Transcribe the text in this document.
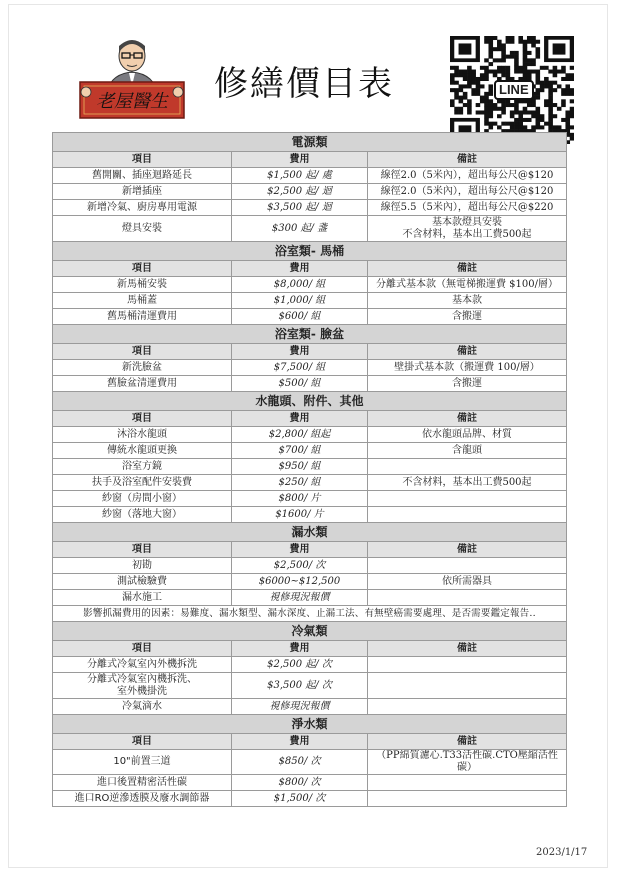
老屋醫生 修繕價目表	LINE
電源類		
項目	費用	備註
舊開關、插座迴路延長	$1,500 起/ 處	線徑2.0（5米內），超出每公尺@$120
新增插座	$2,500 起/ 迴	線徑2.0（5米內），超出每公尺@$120
新增冷氣、廚房專用電源	$3,500 起/ 迴	線徑5.5（5米內），超出每公尺@$220
燈具安裝	$300 起/ 盞	基本款燈具安裝
不含材料，基本出工費500起
浴室類- 馬桶		
項目	費用	備註
新馬桶安裝	$8,000/ 組	分離式基本款（無電梯搬運費 $100/層）
馬桶蓋	$1,000/ 組	基本款
舊馬桶清運費用	$600/ 組	含搬運
浴室類- 臉盆		
項目	費用	備註
新洗臉盆	$7,500/ 組	壁掛式基本款（搬運費 100/層）
舊臉盆清運費用	$500/ 組	含搬運
水龍頭、附件、其他		
項目	費用	備註
沐浴水龍頭	$2,800/ 組起	依水龍頭品牌、材質
傳統水龍頭更換	$700/ 組	含龍頭
浴室方鏡	$950/ 組	
扶手及浴室配件安裝費	$250/ 組	不含材料，基本出工費500起
紗窗（房間小窗）	$800/ 片	
紗窗（落地大窗）	$1600/ 片	
漏水類		
項目	費用	備註
初勘	$2,500/ 次	
測試檢驗費	$6000~$12,500	依所需器具
漏水施工	視修現況報價	
影響抓漏費用的因素：易難度、漏水類型、漏水深度、止漏工法、有無壁癌需要處理、是否需要鑑定報告..		
冷氣類		
項目	費用	備註
分離式冷氣室內外機拆洗	$2,500 起/ 次	
分離式冷氣室內機拆洗、
室外機掛洗	$3,500 起/ 次	
冷氣滴水	視修現況報價	
淨水類		
項目	費用	備註
10"前置三道	$850/ 次	（PP綿質濾心.T33活性碳.CTO壓縮活性碳）
進口後置精密活性碳	$800/ 次	
進口RO逆滲透膜及廢水調節器	$1,500/ 次	
2023/1/17
